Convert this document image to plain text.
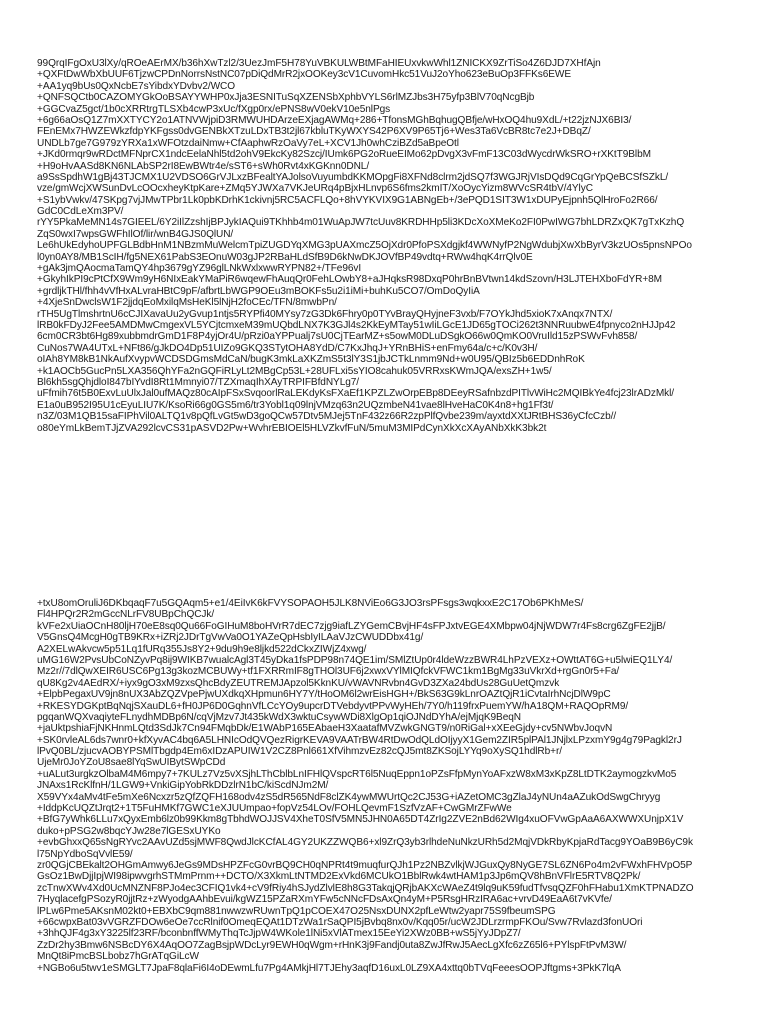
99QrqIFgOxU3lXy/qROeAErMX/b36hXwTzl2/3UezJmF5H78YuVBKULWBtMFaHIEUxvkwWhl1ZNICKX9ZrTiSo4Z6DJD7XHfAjn
+QXFtDwWbXbUUF6TjzwCPDnNorrsNstNC07pDiQdMrR2jxOOKey3cV1CuvomHkc51VuJ2oYho623eBuOp3FFKs6EWE
+AA1yq9bUs0QxNcbE7sYibdxYDvbv2/WCO
+QNFSQCtb0CAZOMYGkOoBSAYYWHP0xJja3ESNITuSqXZENSbXphbVYLS6rlMZJbs3H75yfp3BlV70qNcgBjb
+GGCvaZ5gct/1b0cXRRtrgTLSXb4cwP3xUc/fXgp0rx/ePNS8wV0ekV10e5nlPgs
+6g66aOsQ1Z7mXXTYCY2o1ATNVWjpiD3RMWUHDArzeEXjagAWMq+286+TfonsMGhBqhugQBfje/wHxOQ4hu9XdL/+t22jzNJX6BI3/
FEnEMx7HWZEWkzfdpYKFgss0dvGENBkXTzuLDxTB3t2jl67kbluTKyWXYS42P6XV9P65Tj6+Wes3Ta6VcBR8tc7e2J+DBqZ/
UNDLb7ge7G979zYRXa1xWFOtzdaiNmw+CfAaphwRzOaVy7eL+XCV1Jh0whCziBZd5aBpeOtl
+JKd0rmqr9wRDctMFNprCX1ndcEelaNhl5td2ohV9EkcKy82Szcj/IUmk6PG2oRueEIMo62pDvgX3vFmF13C03dWycdrWkSRO+rXKtT9BlbM
+H9oHvAASd8KN6NLAbSP2rI8EwBWtr4e/sST6+sWh0Rvt4xKGKnn0DNL/
a9SsSpdhW1gBj43TJCMX1U2VDSO6GrVJLxzBFealtYAJolsoVuyumbdKKMOpgFi8XFNd8clrm2jdSQ7f3WGJRjVIsDQd9CqGrYpQeBCSfSZkL/
vze/gmWcjXWSunDvLcOOcxheyKtpKare+ZMq5YJWXa7VKJeURq4pBjxHLnvp6S6fms2kmIT/XoOycYizm8WVcSR4tbV/4YlyC
+S1ybVwkv/47SKpg7vjJMwTPbr1Lk0pbKDrhK1ckivnj5RC5ACFLQo+8hVYKVIX9G1ABNgEb+/3ePQD1SIT3W1xDUPyEjpnh5QlHroFo2R66/
GdC0CdLeXm3PV/
rYY5PkaMeMN14s7GIEEL/6Y2iIlZzshIjBPJykIAQui9TKhhb4m01WuApJW7tcUuv8KRDHHp5li3KDcXoXMeKo2FI0PwIWG7bhLDRZxQK7gTxKzhQ
ZqS0wxI7wpsGWFhIlOf/lir/wnB4GJS0QlUN/
Le6hUkEdyhoUPFGLBdbHnM1NBzmMuWelcmTpiZUGDYqXMG3pUAXmcZ5OjXdr0PfoPSXdgjkf4WWNyfP2NgWdubjXwXbByrV3kzUOs5pnsNPOo
l0yn0AY8/MB1ScIH/fg5NEX61PabS3EOnuW03gJP2RBaHLdSfB9D6kNwDKJOVfBP49vdtq+RWw4hqK4rrQlv0E
+gAk3jmQAocmaTamQY4hp3679gYZ96glLNkWxlxwwRYPN82+/TFe96vI
+GkyhIkPI9cPtCfX9Wm9yH6NIxEakYMaPiR6wqewFhAuqQr0FehLOwbY8+aJHqksR98DxqP0hrBnBVtwn14kdSzovn/H3LJTEHXboFdYR+8M
+grdljkTHl/fhh4vVfHxALvraHBtC9pF/afbrtLbWGP9OEu3mBOKFs5u2i1iMi+buhKu5CO7/OmDoQyIiA
+4XjeSnDwclsW1F2jjdqEoMxilqMsHeKl5lNjH2foCEc/TFN/8mwbPn/
rTH5UgTlmshrtnU6cCJIXavaUu2yGvup1ntjs5RYPfi40MYsy7zG3Dk6Fhry0p0TYvBrayQHyjneF3vxb/F7OYkJhd5xioK7xAnqx7NTX/
lRB0kFDyJ2Fee5AMDMwCmgexVL5YCjtcmxeM39mUQbdLNX7K3GJl4s2KkEyMTay51wIiLGcE1JD65gTOCi262t3NNRuubwE4fpnyco2nHJJp42
6cm0CR3bt6Hg89xubbmdrGmD1F8P4yjOr4U/pRzi0aYPPualj7sU0CjTEarMZ+s5owM0DLuDSgkO66w0QmKO0VruIld15zPSWvFvh858/
CuNos7WA4UTxL+NFt86/gJkDO4Dp51UIZo9GKQ3STytOHA8YdD/C7KxJhqJ+YRnBHiS+enFmy64a/c+c/K0v3H/
oIAh8YM8kB1NkAufXvypvWCDSDGmsMdCaN/bugK3mkLaXKZmS5t3lY3S1jbJCTkLnmm9Nd+w0U95/QBIz5b6EDDnhRoK
+k1AOCb5GucPn5LXA356QhYFa2nGQFiRLyLt2MBgCp53L+28UFLxi5sYIO8cahuk05VRRxsKWmJQA/exsZH+1w5/
Bl6kh5sgQhjdloI847bIYvdI8Rt1Mmnyi07/TZXmaqIhXAyTRPIFBfdNYLg7/
uFfmih76t5B0ExvLuUlxJal0ufMAQz80cAIpFSxSvqoorlRaLEKdyKsFXaEf1KPZLZwOrpEBp8DEeyRSafnbzdPITlvWiHc2MQIBkYe4fcj23lrADzMkl/
E1a0uB952I95U1cEyuLIU7K/KsoRi66g0GS5m6/tr3Yobl1q09lnjVMzq63n2UQzmbeN41vae8lHveHaC0K4n8+hg1Ff3t/
n3Z/03M1QB15saFIPhVil0ALTQ1v8pQfLvGt5wD3goQCw57Dtv5MJej5TnF432z66R2zpPlfQvbe239m/ayxtdXXtJRtBHS36yCfcCzb//
o80eYmLkBemTJjZVA292lcvCS31pASVD2Pw+WvhrEBIOEl5HLVZkvfFuN/5muM3MIPdCynXkXcXAyANbXkK3bk2t
+txU8omOruliJ6DKbqaqF7u5GQAqm5+e1/4EiIvK6kFVYSOPAOH5JLK8NViEo6G3JO3rsPFsgs3wqkxxE2C17Ob6PKhMeS/
Fl4HPQr2R2mGccNLrFV8UBpChQCJk/
kVFe2xUiaOCnH80ljH70eE8sq0Qu66FoGIHuM8boHVrR7dEC7zjg9iafLZYGemCBvjHF4sFPJxtvEGE4XMbpw04jNjWDW7r4Fs8crg6ZgFE2jjB/
V5GnsQ4McgH0gTB9KRx+iZRj2JDrTgVwVa0O1YAZeQpHsbIyILAaVJzCWUDDbx41g/
A2XELwAkvcw5p51Lq1fURq355Js8Y2+9du9h9e8ljkd522dCkxZIWjZ4xwg/
uMG16W2PvsUbCoNZyvPq8ij9WIKB7wualcAgl3T45yDka1fsPDP98n74QE1im/SMlZtUp0r4ldeWzzBWR4LhPzVEXz+OWttAT6G+u5lwiEQ1LY4/
Mz2r//7dlQwXEIR6USC6Pg13g3kozMCBUWy+tf1FXRRmIF8gTHOl3UF6j2xwxVYlMIQfckVFWC1km1BgMg33uVkrXd+rgGn0r5+Fa/
qU8Kg2v4AEdRX/+iyx9gO3xM9zxsQhcBdyZEUTREMJApzol5KknKU/vWAVNRvbn4GvD3ZXa24bdUs28GuUetQmzvk
+ElpbPegaxUV9jn8nUX3AbZQZVpePjwUXdkqXHpmun6HY7Y/tHoOM6l2wrEisHGH+/BkS63G9kLnrOAZtQjR1iCvtaIrhNcjDlW9pC
+RKESYDGKptBqNqjSXauDL6+fH0JP6D0GqhnVfLCcYOy9upcrDTVebdyvtPPvWyHEh/7Y0/h119frxPuemYW/hA18QM+RAQOpRM9/
pgqanWQXvaqiyteFLnydhMDBp6N/cqVjMzv7Jt435kWdX3wktuCsywWDi8XlgOp1qiOJNdDYhA/ejMjqK9BeqN
+jaUktpshiaFjNKHnmLQtd3SdJk7Cn94FMqbDk/E1WAbP165EAbaeH3XaatafMVZwkGNGT9/n0RiGal+xXEeGjdy+cv5NWbvJoqvN
+SK0rvleAL6ds7wnr0+kfXyvAC4bq6A5LHNIcOdQVQezRigrKEVA9VAATrBW4RtDwOdQLdOIjyyX1Gem2ZIR5plPAl1JNjlxLPzxmY9g4g79Pagkl2rJ
lPvQ0BL/zjucvAOBYPSMlTbgdp4Em6xIDzAPUIW1V2CZ8Pnl661XfVihmzvEz82cQJ5mt8ZKSojLYYq9oXySQ1hdlRb+r/
UjeMr0JoYZoU8sae8lYqSwUIBytSWpCDd
+uALut3urgkzOlbaM4M6mpy7+7KULz7Vz5vXSjhLThCblbLnIFHlQVspcRT6l5NuqEppn1oPZsFfpMynYoAFxzW8xM3xKpZ8LtDTK2aymogzkvMo5
JNAxs1RcKlfnH/1LGW9+VnkiGipYobRkDDzlrN1bC/kiScdNJm2M/
X59VYx4aMv4tFe5mXe6Ncxzr5zQfZQFH168odv4zS5dR565NdF8clZK4ywMWUrtQc2CJ53G+iAZetOMC3gZlaJ4yNUn4aAZukOdSwgChryyg
+IddpKcUQZtJrqt2+1T5FuHMKf7GWC1eXJUUmpao+fopVz54LOv/FOHLQevmF1SzfVzAF+CwGMrZFwWe
+BfG7yWhk6LLu7xQyxEmb6lz0b99Kkm8gTbhdWOJJSV4XheT0SfV5MN5JHN0A65DT4ZrIg2ZVE2nBd62WIg4xuOFVwGpAaA6AXWWXUnjpX1V
duko+pPSG2w8bqcYJw28e7lGESxUYKo
+evbGhxxQ65sNgRYvc2AAvUZd5sjMWF8QwdJlcKCfAL4GY2UKZZWQB6+xl9ZrQ3yb3rlhdeNuNkzURh5d2MqjVDkRbyKpjaRdTacg9YOaB9B6yC9k
l75NpYdboSqVvlE59/
zr0QGjCBEkalt2OHGmAmwy6JeGs9MDsHPZFcG0vrBQ9CH0qNPRt4t9muqfurQJh1Pz2NBZvlkjWJGuxQy8NyGE7SL6ZN6Po4m2vFWxhFHVpO5P
GsOz1BwDjjIpjWI98ipwvgrhSTMmPrnm++DCTO/X3XkmLtNTMD2ExVkd6MCUkO1BblRwk4wtHAM1p3Jp6mQV8hBnVFlrE5RTV8Q2Pk/
zcTnwXWv4Xd0UcMNZNF8PJo4ec3CFIQ1vk4+cV9fRiy4hSJydZlvlE8h8G3TakqjQRjbAKXcWAeZ4t9lq9uK59fudTfvsqQZF0hFHabu1XmKTPNADZO
7HyqlacefgPSozyR0jjtRz+zWyodgAAhbEvui/kgWZ15PZaRXmYFw5cNNcFDsAxQn4yM+P5RsgHRzIRA6ac+vrvD49EaA6t7vKVfe/
lPLw6Pme5AKsnM02kt0+EBXbC9qm881nwwzwRUwnTpQ1pCOEX47O25NsxDUNX2pfLeWtw2yapr75S9fbeumSPG
+66cwpxBat03vVGRZFDOw6eOe7ccRlnif0OmeqEQAt1DTzWa1rSaQPI5jBvbq8nx0v/Kqq05r/ucW2JDLrzrmpFKOu/Svw7Rvlazd3fonUOri
+3hhQJF4g3xY3225lf23RF/bconbnffWMyThqTcJjpW4WKole1lNi5xVlATmex15EeYi2XWz0BB+wS5jYyJDpZ7/
ZzDr2hy3Bmw6NSBcDY6X4AqOO7ZagBsjpWDcLyr9EWH0qWgm+rHnK3j9Fandj0uta8ZwJfRwJ5AecLgXfc6zZ65l6+PYlspFtPvM3W/
MnQt8iPmcBSLbobz7hGrATqGiLcW
+NGBo6u5twv1eSMGLT7JpaF8qlaFi6I4oDEwmLfu7Pg4AMkjHl7TJEhy3aqfD16uxL0LZ9XA4xttq0bTVqFeeesOOPJftgms+3PkK7lqA
